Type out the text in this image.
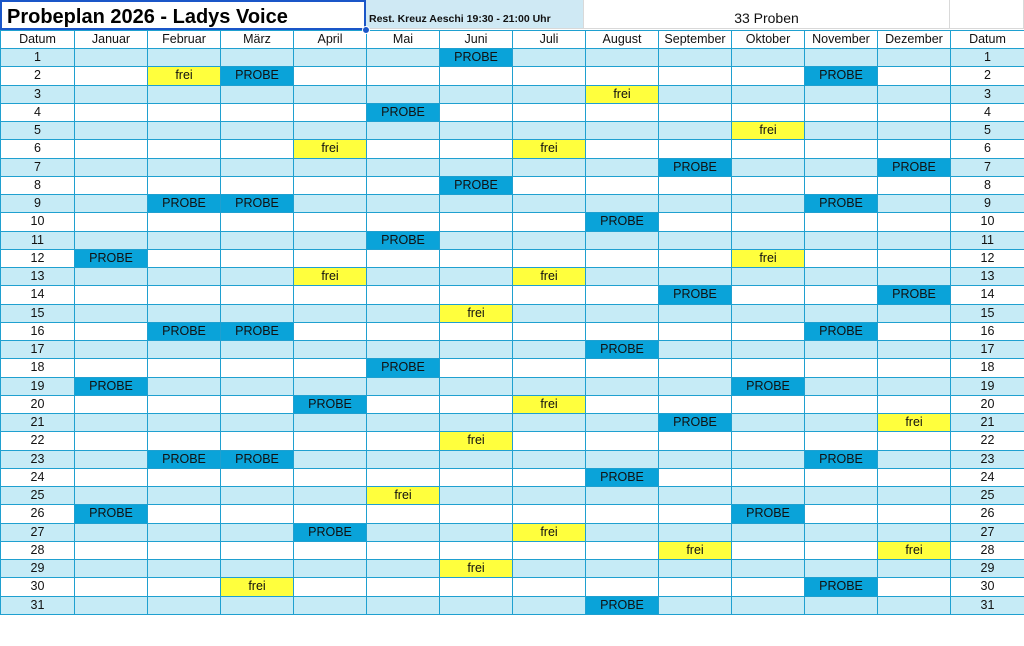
Probeplan 2026 - Ladys Voice	Rest. Kreuz Aeschi 19:30 - 21:00 Uhr	33 Proben
Datum	Januar	Februar	März	April	Mai	Juni	Juli	August	September	Oktober	November	Dezember	Datum
1						PROBE							1
2		frei	PROBE								PROBE		2
3								frei					3
4					PROBE								4
5										frei			5
6				frei			frei						6
7									PROBE			PROBE	7
8						PROBE							8
9		PROBE	PROBE								PROBE		9
10								PROBE					10
11					PROBE								11
12	PROBE									frei			12
13				frei			frei						13
14									PROBE			PROBE	14
15						frei							15
16		PROBE	PROBE								PROBE		16
17								PROBE					17
18					PROBE								18
19	PROBE									PROBE			19
20				PROBE			frei						20
21									PROBE			frei	21
22						frei							22
23		PROBE	PROBE								PROBE		23
24								PROBE					24
25					frei								25
26	PROBE									PROBE			26
27				PROBE			frei						27
28									frei			frei	28
29						frei							29
30			frei								PROBE		30
31								PROBE					31
